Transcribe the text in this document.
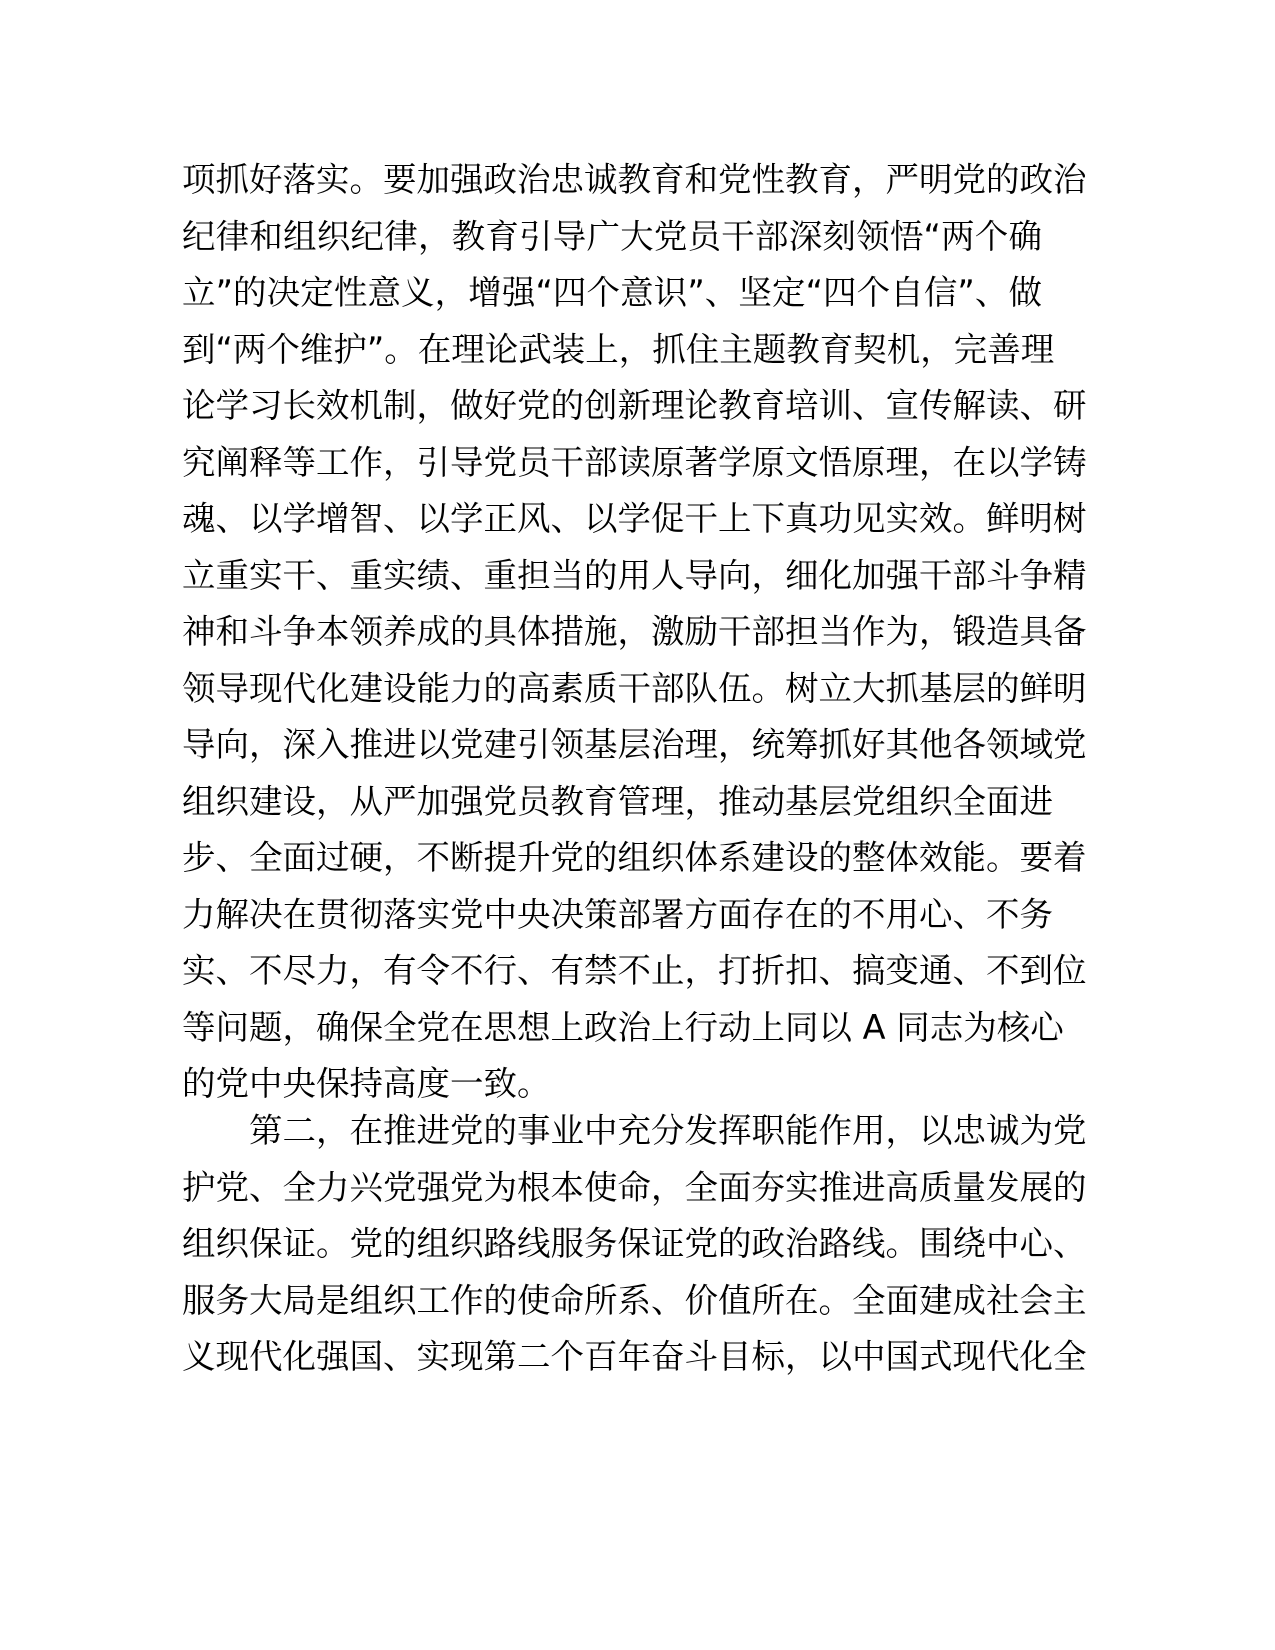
项抓好落实。要加强政治忠诚教育和党性教育，严明党的政治
纪律和组织纪律，教育引导广大党员干部深刻领悟“两个确
立”的决定性意义，增强“四个意识”、坚定“四个自信”、做
到“两个维护”。在理论武装上，抓住主题教育契机，完善理
论学习长效机制，做好党的创新理论教育培训、宣传解读、研
究阐释等工作，引导党员干部读原著学原文悟原理，在以学铸
魂、以学增智、以学正风、以学促干上下真功见实效。鲜明树
立重实干、重实绩、重担当的用人导向，细化加强干部斗争精
神和斗争本领养成的具体措施，激励干部担当作为，锻造具备
领导现代化建设能力的高素质干部队伍。树立大抓基层的鲜明
导向，深入推进以党建引领基层治理，统筹抓好其他各领域党
组织建设，从严加强党员教育管理，推动基层党组织全面进
步、全面过硬，不断提升党的组织体系建设的整体效能。要着
力解决在贯彻落实党中央决策部署方面存在的不用心、不务
实、不尽力，有令不行、有禁不止，打折扣、搞变通、不到位
等问题，确保全党在思想上政治上行动上同以 A 同志为核心
的党中央保持高度一致。
　　第二，在推进党的事业中充分发挥职能作用，以忠诚为党
护党、全力兴党强党为根本使命，全面夯实推进高质量发展的
组织保证。党的组织路线服务保证党的政治路线。围绕中心、
服务大局是组织工作的使命所系、价值所在。全面建成社会主
义现代化强国、实现第二个百年奋斗目标，以中国式现代化全
